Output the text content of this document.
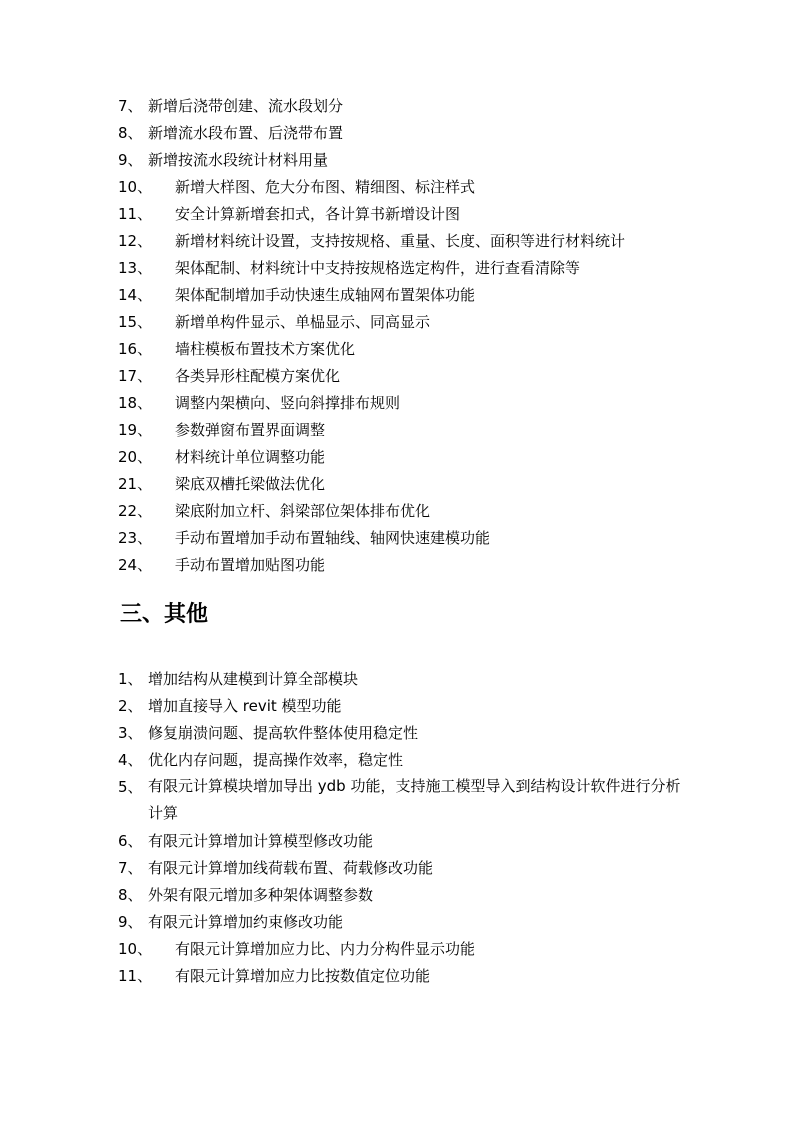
7、 新增后浇带创建、流水段划分
8、 新增流水段布置、后浇带布置
9、 新增按流水段统计材料用量
10、 新增大样图、危大分布图、精细图、标注样式
11、 安全计算新增套扣式，各计算书新增设计图
12、 新增材料统计设置，支持按规格、重量、长度、面积等进行材料统计
13、 架体配制、材料统计中支持按规格选定构件，进行查看清除等
14、 架体配制增加手动快速生成轴网布置架体功能
15、 新增单构件显示、单榀显示、同高显示
16、 墙柱模板布置技术方案优化
17、 各类异形柱配模方案优化
18、 调整内架横向、竖向斜撑排布规则
19、 参数弹窗布置界面调整
20、 材料统计单位调整功能
21、 梁底双槽托梁做法优化
22、 梁底附加立杆、斜梁部位架体排布优化
23、 手动布置增加手动布置轴线、轴网快速建模功能
24、 手动布置增加贴图功能
三、其他
1、 增加结构从建模到计算全部模块
2、 增加直接导入 revit 模型功能
3、 修复崩溃问题、提高软件整体使用稳定性
4、 优化内存问题，提高操作效率，稳定性
5、 有限元计算模块增加导出 ydb 功能，支持施工模型导入到结构设计软件进行分析计算
6、 有限元计算增加计算模型修改功能
7、 有限元计算增加线荷载布置、荷载修改功能
8、 外架有限元增加多种架体调整参数
9、 有限元计算增加约束修改功能
10、 有限元计算增加应力比、内力分构件显示功能
11、 有限元计算增加应力比按数值定位功能
